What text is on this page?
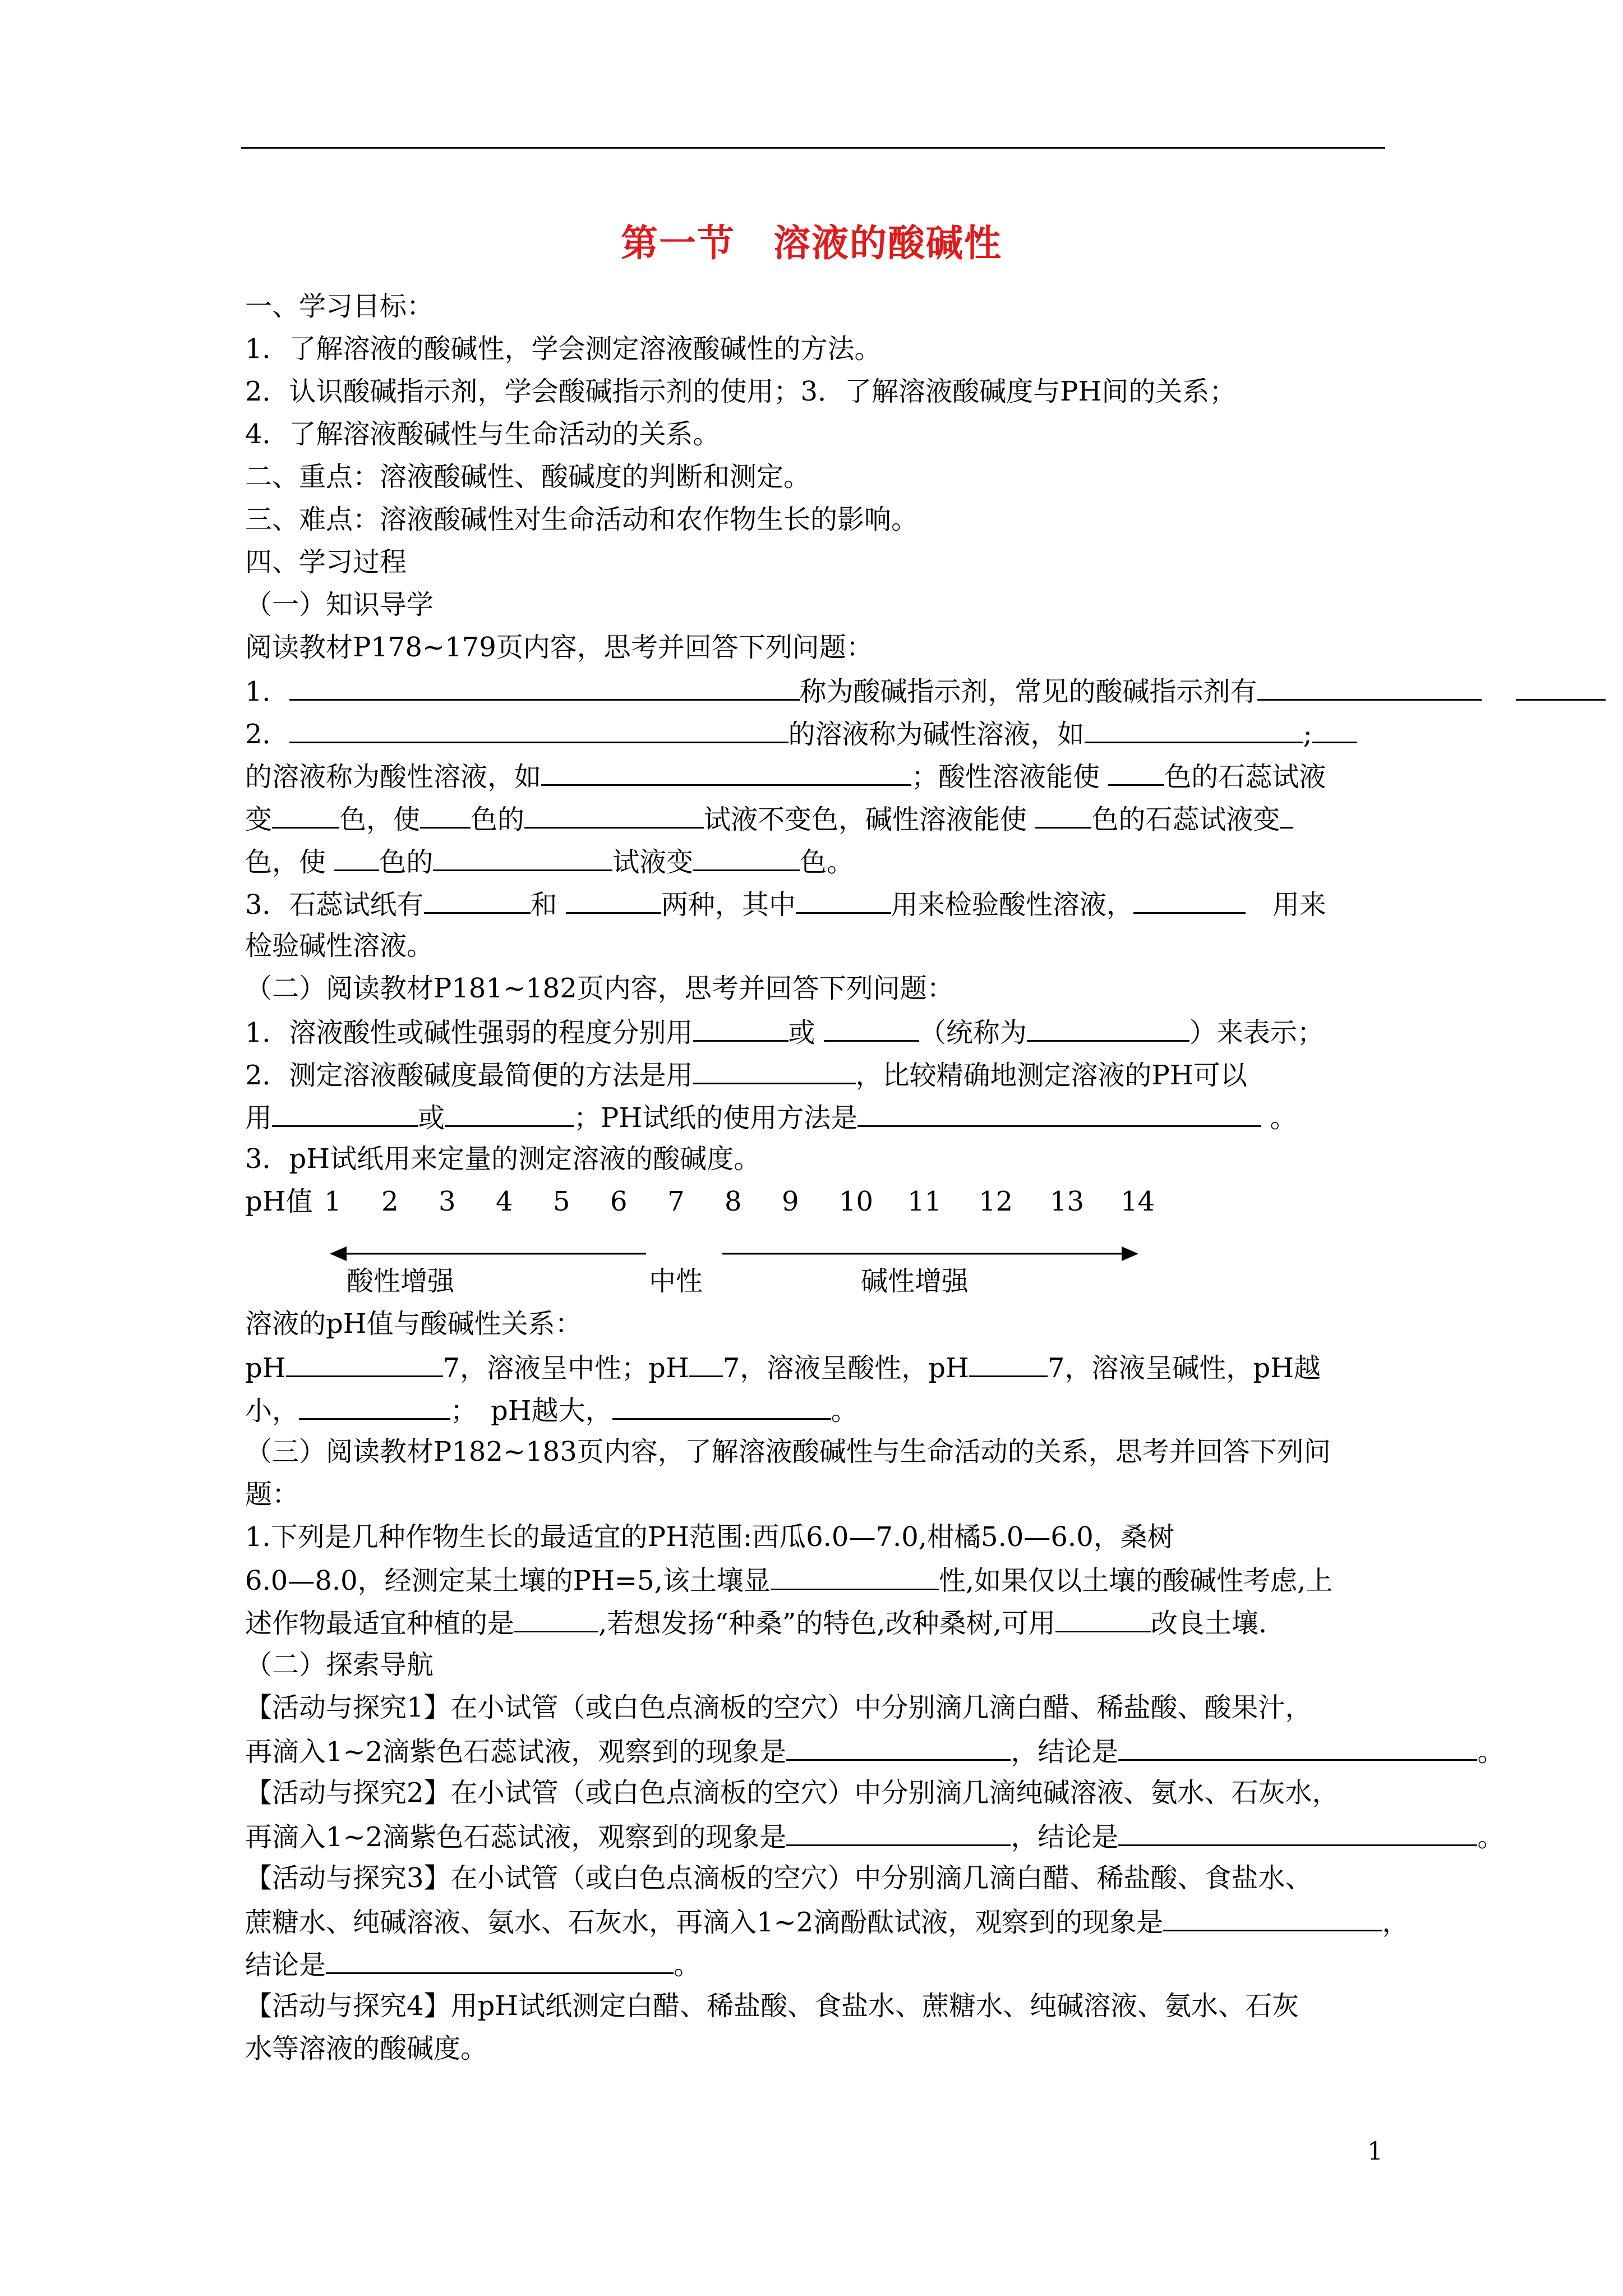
第一节　溶液的酸碱性
一、学习目标：
1．了解溶液的酸碱性，学会测定溶液酸碱性的方法。
2．认识酸碱指示剂，学会酸碱指示剂的使用；3．了解溶液酸碱度与PH间的关系；
4．了解溶液酸碱性与生命活动的关系。
二、重点：溶液酸碱性、酸碱度的判断和测定。
三、难点：溶液酸碱性对生命活动和农作物生长的影响。
四、学习过程
（一）知识导学
阅读教材P178~179页内容，思考并回答下列问题：
1．	称为酸碱指示剂，常见的酸碱指示剂有
2．	的溶液称为碱性溶液，如	;
的溶液称为酸性溶液，如	；酸性溶液能使 色的石蕊试液
变	色，使 色的	试液不变色，碱性溶液能使 色的石蕊试液变
色，使 色的	试液变	色。
3．石蕊试纸有	和	两种，其中	用来检验酸性溶液，	　用来
检验碱性溶液。
（二）阅读教材P181~182页内容，思考并回答下列问题：
1．溶液酸性或碱性强弱的程度分别用	或	（统称为	）来表示；
2．测定溶液酸碱度最简便的方法是用	，比较精确地测定溶液的PH可以
用	或	；PH试纸的使用方法是	。
3．pH试纸用来定量的测定溶液的酸碱度。
pH值 1 2 3 4 5 6 7 8 9 10 11 12 13 14
酸性增强	中性	碱性增强
溶液的pH值与酸碱性关系：
pH	7，溶液呈中性；pH 7，溶液呈酸性，pH	7，溶液呈碱性，pH越
小，	；　pH越大，	。
（三）阅读教材P182~183页内容，了解溶液酸碱性与生命活动的关系，思考并回答下列问
题：
1.下列是几种作物生长的最适宜的PH范围:西瓜6.0—7.0,柑橘5.0—6.0，桑树
6.0—8.0，经测定某土壤的PH=5,该土壤显	性,如果仅以土壤的酸碱性考虑,上
述作物最适宜种植的是	,若想发扬“种桑”的特色,改种桑树,可用	改良土壤.
（二）探索导航
【活动与探究1】在小试管（或白色点滴板的空穴）中分别滴几滴白醋、稀盐酸、酸果汁，
再滴入1~2滴紫色石蕊试液，观察到的现象是	，结论是	。
【活动与探究2】在小试管（或白色点滴板的空穴）中分别滴几滴纯碱溶液、氨水、石灰水，
再滴入1~2滴紫色石蕊试液，观察到的现象是	，结论是	。
【活动与探究3】在小试管（或白色点滴板的空穴）中分别滴几滴白醋、稀盐酸、食盐水、
蔗糖水、纯碱溶液、氨水、石灰水，再滴入1~2滴酚酞试液，观察到的现象是	，
结论是	。
【活动与探究4】用pH试纸测定白醋、稀盐酸、食盐水、蔗糖水、纯碱溶液、氨水、石灰
水等溶液的酸碱度。
1
